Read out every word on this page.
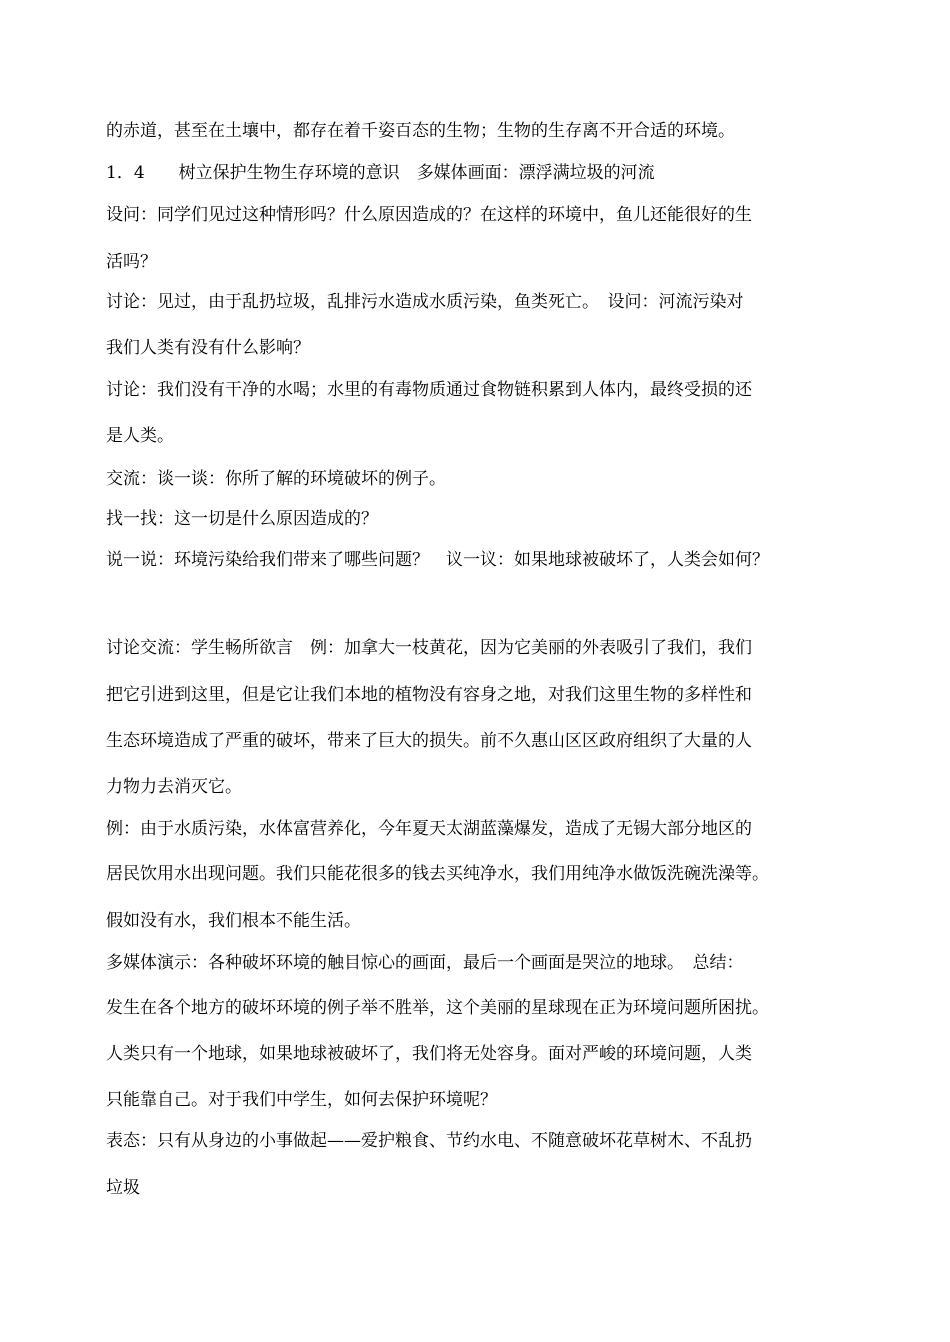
的赤道，甚至在土壤中，都存在着千姿百态的生物；生物的生存离不开合适的环境。
1．4　　树立保护生物生存环境的意识　多媒体画面：漂浮满垃圾的河流
设问：同学们见过这种情形吗？什么原因造成的？在这样的环境中，鱼儿还能很好的生
活吗？
讨论：见过，由于乱扔垃圾，乱排污水造成水质污染，鱼类死亡。　设问：河流污染对
我们人类有没有什么影响？
讨论：我们没有干净的水喝；水里的有毒物质通过食物链积累到人体内，最终受损的还
是人类。
交流：谈一谈：你所了解的环境破坏的例子。
找一找：这一切是什么原因造成的？
说一说：环境污染给我们带来了哪些问题？　议一议：如果地球被破坏了，人类会如何？
讨论交流：学生畅所欲言　例：加拿大一枝黄花，因为它美丽的外表吸引了我们，我们
把它引进到这里，但是它让我们本地的植物没有容身之地，对我们这里生物的多样性和
生态环境造成了严重的破坏，带来了巨大的损失。前不久惠山区区政府组织了大量的人
力物力去消灭它。
例：由于水质污染，水体富营养化，今年夏天太湖蓝藻爆发，造成了无锡大部分地区的
居民饮用水出现问题。我们只能花很多的钱去买纯净水，我们用纯净水做饭洗碗洗澡等。
假如没有水，我们根本不能生活。
多媒体演示：各种破坏环境的触目惊心的画面，最后一个画面是哭泣的地球。　总结：
发生在各个地方的破坏环境的例子举不胜举，这个美丽的星球现在正为环境问题所困扰。
人类只有一个地球，如果地球被破坏了，我们将无处容身。面对严峻的环境问题，人类
只能靠自己。对于我们中学生，如何去保护环境呢？
表态：只有从身边的小事做起——爱护粮食、节约水电、不随意破坏花草树木、不乱扔
垃圾
